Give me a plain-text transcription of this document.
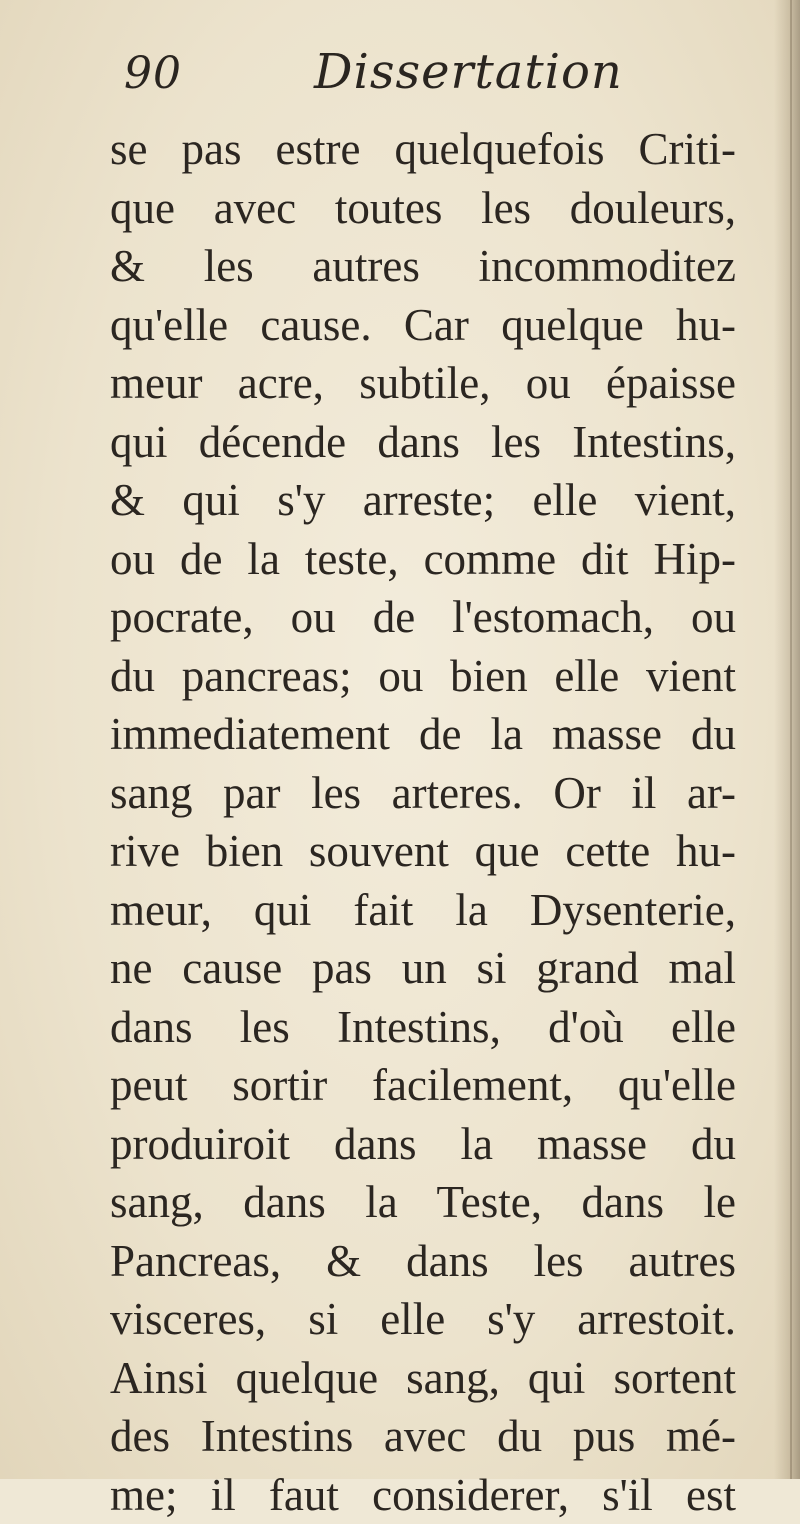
90	Dissertation
se pas estre quelquefois Criti-
que avec toutes les douleurs,
& les autres incommoditez
qu'elle cause. Car quelque hu-
meur acre, subtile, ou épaisse
qui décende dans les Intestins,
& qui s'y arreste; elle vient,
ou de la teste, comme dit Hip-
pocrate, ou de l'estomach, ou
du pancreas; ou bien elle vient
immediatement de la masse du
sang par les arteres. Or il ar-
rive bien souvent que cette hu-
meur, qui fait la Dysenterie,
ne cause pas un si grand mal
dans les Intestins, d'où elle
peut sortir facilement, qu'elle
produiroit dans la masse du
sang, dans la Teste, dans le
Pancreas, & dans les autres
visceres, si elle s'y arrestoit.
Ainsi quelque sang, qui sortent
des Intestins avec du pus mé-
me; il faut considerer, s'il est
